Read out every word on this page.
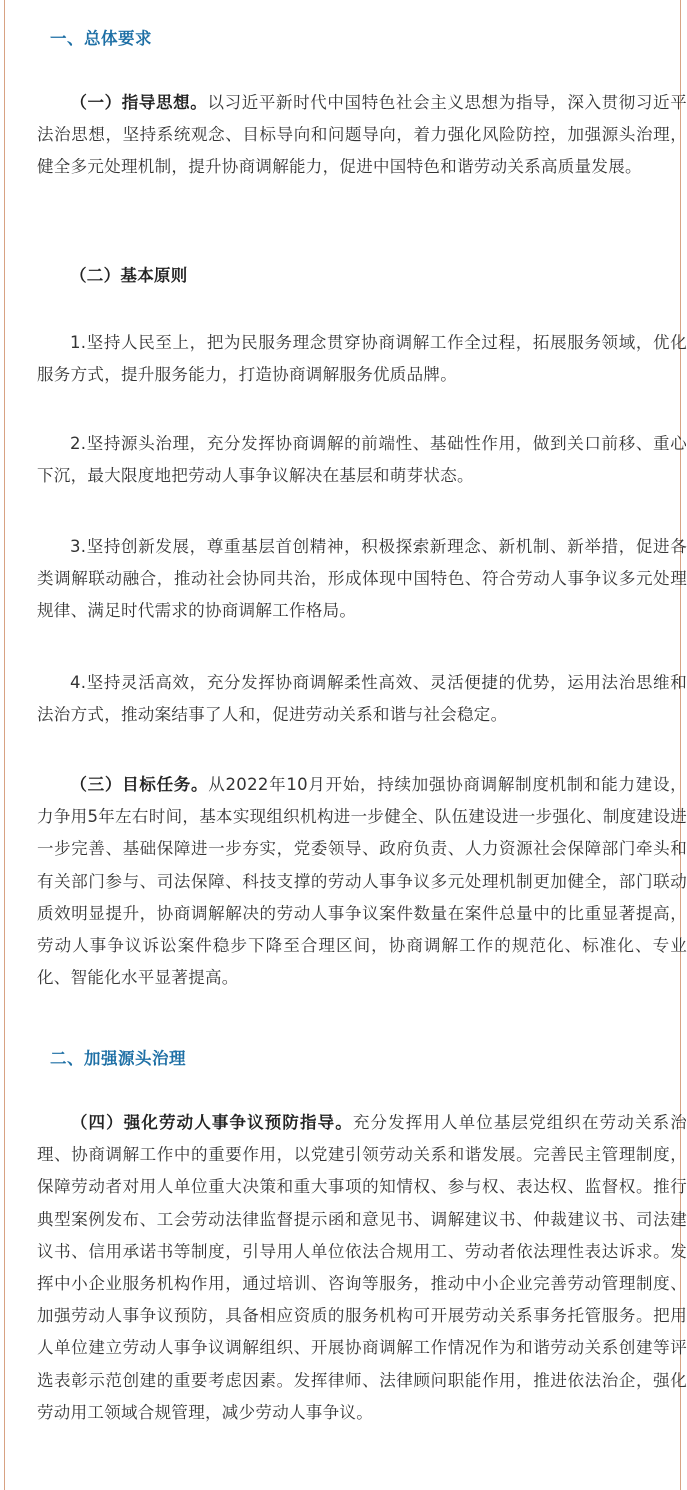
一、总体要求

（一）指导思想。以习近平新时代中国特色社会主义思想为指导，深入贯彻习近平法治思想，坚持系统观念、目标导向和问题导向，着力强化风险防控，加强源头治理，健全多元处理机制，提升协商调解能力，促进中国特色和谐劳动关系高质量发展。

（二）基本原则

1.坚持人民至上，把为民服务理念贯穿协商调解工作全过程，拓展服务领域，优化服务方式，提升服务能力，打造协商调解服务优质品牌。

2.坚持源头治理，充分发挥协商调解的前端性、基础性作用，做到关口前移、重心下沉，最大限度地把劳动人事争议解决在基层和萌芽状态。

3.坚持创新发展，尊重基层首创精神，积极探索新理念、新机制、新举措，促进各类调解联动融合，推动社会协同共治，形成体现中国特色、符合劳动人事争议多元处理规律、满足时代需求的协商调解工作格局。

4.坚持灵活高效，充分发挥协商调解柔性高效、灵活便捷的优势，运用法治思维和法治方式，推动案结事了人和，促进劳动关系和谐与社会稳定。

（三）目标任务。从2022年10月开始，持续加强协商调解制度机制和能力建设，力争用5年左右时间，基本实现组织机构进一步健全、队伍建设进一步强化、制度建设进一步完善、基础保障进一步夯实，党委领导、政府负责、人力资源社会保障部门牵头和有关部门参与、司法保障、科技支撑的劳动人事争议多元处理机制更加健全，部门联动质效明显提升，协商调解解决的劳动人事争议案件数量在案件总量中的比重显著提高，劳动人事争议诉讼案件稳步下降至合理区间，协商调解工作的规范化、标准化、专业化、智能化水平显著提高。

二、加强源头治理

（四）强化劳动人事争议预防指导。充分发挥用人单位基层党组织在劳动关系治理、协商调解工作中的重要作用，以党建引领劳动关系和谐发展。完善民主管理制度，保障劳动者对用人单位重大决策和重大事项的知情权、参与权、表达权、监督权。推行典型案例发布、工会劳动法律监督提示函和意见书、调解建议书、仲裁建议书、司法建议书、信用承诺书等制度，引导用人单位依法合规用工、劳动者依法理性表达诉求。发挥中小企业服务机构作用，通过培训、咨询等服务，推动中小企业完善劳动管理制度、加强劳动人事争议预防，具备相应资质的服务机构可开展劳动关系事务托管服务。把用人单位建立劳动人事争议调解组织、开展协商调解工作情况作为和谐劳动关系创建等评选表彰示范创建的重要考虑因素。发挥律师、法律顾问职能作用，推进依法治企，强化劳动用工领域合规管理，减少劳动人事争议。
